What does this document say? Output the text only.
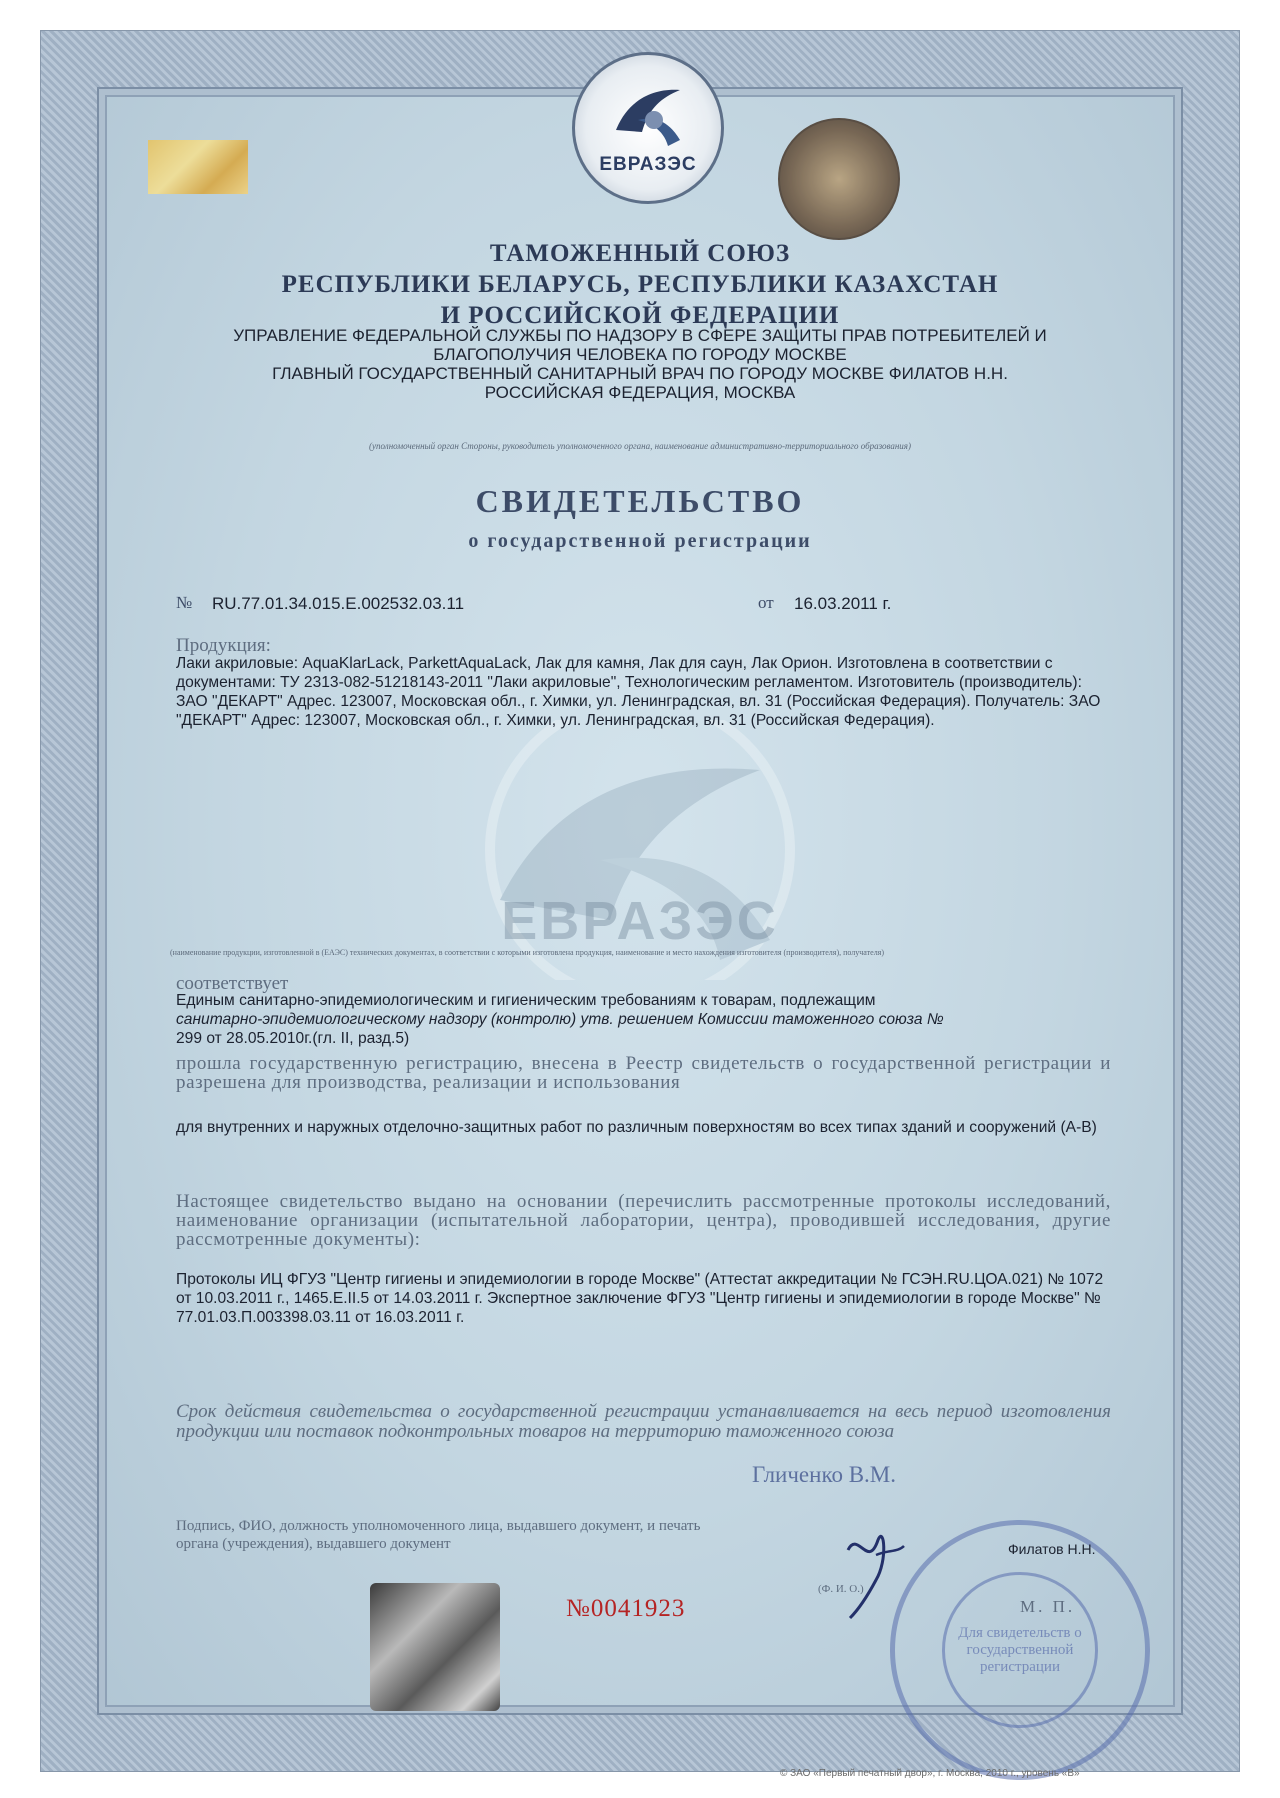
ЕВРАЗЭС
ЕВРАЗЭС
ТАМОЖЕННЫЙ СОЮЗ
РЕСПУБЛИКИ БЕЛАРУСЬ, РЕСПУБЛИКИ КАЗАХСТАН
И РОССИЙСКОЙ ФЕДЕРАЦИИ
УПРАВЛЕНИЕ ФЕДЕРАЛЬНОЙ СЛУЖБЫ ПО НАДЗОРУ В СФЕРЕ ЗАЩИТЫ ПРАВ ПОТРЕБИТЕЛЕЙ И
БЛАГОПОЛУЧИЯ ЧЕЛОВЕКА ПО ГОРОДУ МОСКВЕ
ГЛАВНЫЙ ГОСУДАРСТВЕННЫЙ САНИТАРНЫЙ ВРАЧ ПО ГОРОДУ МОСКВЕ ФИЛАТОВ Н.Н.
РОССИЙСКАЯ ФЕДЕРАЦИЯ, МОСКВА
(уполномоченный орган Стороны, руководитель уполномоченного органа, наименование административно-территориального образования)
СВИДЕТЕЛЬСТВО
о государственной регистрации
№ RU.77.01.34.015.E.002532.03.11	от 16.03.2011 г.
Продукция:
Лаки акриловые: AquaKlarLack, ParkettAquaLack, Лак для камня, Лак для саун, Лак Орион. Изготовлена в соответствии с документами: ТУ 2313-082-51218143-2011 "Лаки акриловые", Технологическим регламентом. Изготовитель (производитель): ЗАО "ДЕКАРТ" Адрес. 123007, Московская обл., г. Химки, ул. Ленинградская, вл. 31 (Российская Федерация). Получатель: ЗАО "ДЕКАРТ" Адрес: 123007, Московская обл., г. Химки, ул. Ленинградская, вл. 31 (Российская Федерация).
(наименование продукции, изготовленной в (ЕАЭС) технических документах, в соответствии с которыми изготовлена продукция, наименование и место нахождения изготовителя (производителя), получателя)
соответствует
Единым санитарно-эпидемиологическим и гигиеническим требованиям к товарам, подлежащим
санитарно-эпидемиологическому надзору (контролю) утв. решением Комиссии таможенного союза №
299 от 28.05.2010г.(гл. II, разд.5)
прошла государственную регистрацию, внесена в Реестр свидетельств о государственной регистрации и разрешена для производства, реализации и использования
для внутренних и наружных отделочно-защитных работ по различным поверхностям во всех типах зданий и сооружений (А-В)
Настоящее свидетельство выдано на основании (перечислить рассмотренные протоколы исследований, наименование организации (испытательной лаборатории, центра), проводившей исследования, другие рассмотренные документы):
Протоколы ИЦ ФГУЗ "Центр гигиены и эпидемиологии в городе Москве" (Аттестат аккредитации № ГСЭН.RU.ЦОА.021) № 1072 от 10.03.2011 г., 1465.Е.II.5 от 14.03.2011 г. Экспертное заключение ФГУЗ "Центр гигиены и эпидемиологии в городе Москве" № 77.01.03.П.003398.03.11 от 16.03.2011 г.
Срок действия свидетельства о государственной регистрации устанавливается на весь период изготовления продукции или поставок подконтрольных товаров на территорию таможенного союза
Для свидетельств о государственной регистрации
Гличенко В.М.
Подпись, ФИО, должность уполномоченного лица, выдавшего документ, и печать органа (учреждения), выдавшего документ	Филатов Н.Н.
(Ф. И. О.)
М. П.
№0041923
© ЗАО «Первый печатный двор», г. Москва, 2010 г., уровень «В»
